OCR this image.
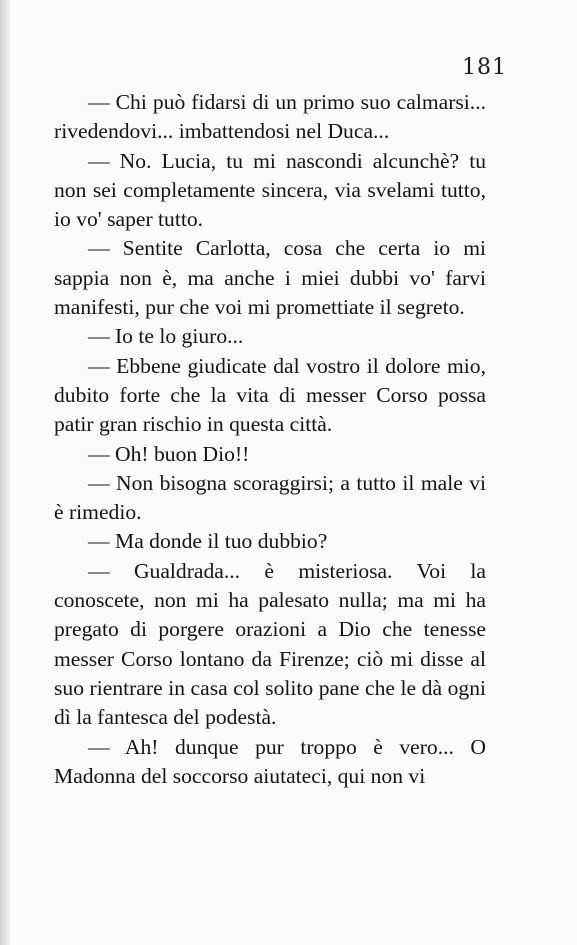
181

— Chi può fidarsi di un primo suo calmarsi... rivedendovi... imbattendosi nel Duca...

— No. Lucia, tu mi nascondi alcunchè? tu non sei completamente sincera, via svelami tutto, io vo' saper tutto.

— Sentite Carlotta, cosa che certa io mi sappia non è, ma anche i miei dubbi vo' farvi manifesti, pur che voi mi promettiate il segreto.

— Io te lo giuro...

— Ebbene giudicate dal vostro il dolore mio, dubito forte che la vita di messer Corso possa patir gran rischio in questa città.

— Oh! buon Dio!!

— Non bisogna scoraggirsi; a tutto il male vi è rimedio.

— Ma donde il tuo dubbio?

— Gualdrada... è misteriosa. Voi la conoscete, non mi ha palesato nulla; ma mi ha pregato di porgere orazioni a Dio che tenesse messer Corso lontano da Firenze; ciò mi disse al suo rientrare in casa col solito pane che le dà ogni dì la fantesca del podestà.

— Ah! dunque pur troppo è vero... O Madonna del soccorso aiutateci, qui non vi
